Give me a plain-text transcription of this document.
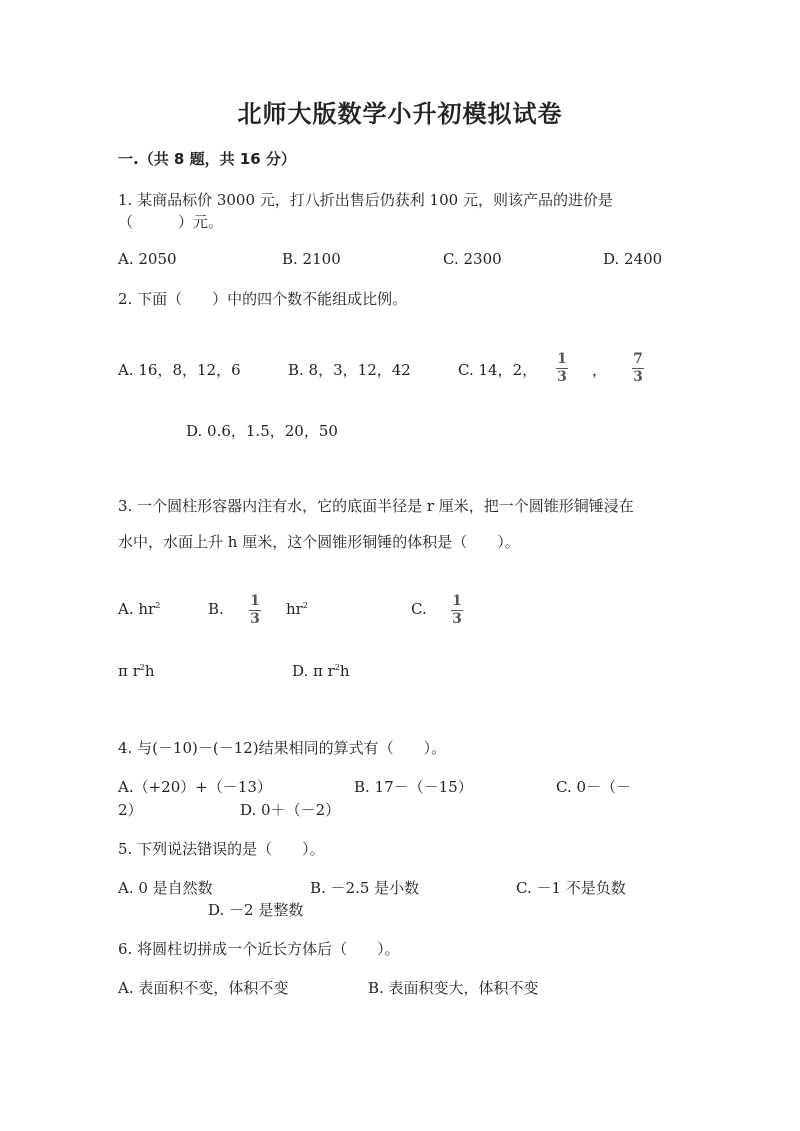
北师大版数学小升初模拟试卷
一.（共 8 题，共 16 分）
1. 某商品标价 3000 元，打八折出售后仍获利 100 元，则该产品的进价是
（　　　）元。
A. 2050	B. 2100	C. 2300	D. 2400
2. 下面（　　）中的四个数不能组成比例。
A. 16，8，12，6	B. 8，3，12，42	C. 14，2，
1
3 ，
7
3
D. 0.6，1.5，20，50
3. 一个圆柱形容器内注有水，它的底面半径是 r 厘米，把一个圆锥形铜锤浸在
水中，水面上升 h 厘米，这个圆锥形铜锤的体积是（　　）。
A. $hr^2$	B. 1
3
$hr^2$	C. 1
3
π $r^2h$	D. π $r^2h$
4. 与(－10)－(－12)结果相同的算式有（　　）。
A.（+20）+（－13）	B. 17－（－15）	C. 0－（－
2）	D. 0＋（－2）
5. 下列说法错误的是（　　）。
A. 0 是自然数	B. －2.5 是小数	C. －1 不是负数
D. －2 是整数
6. 将圆柱切拼成一个近长方体后（　　）。
A. 表面积不变，体积不变	B. 表面积变大，体积不变
